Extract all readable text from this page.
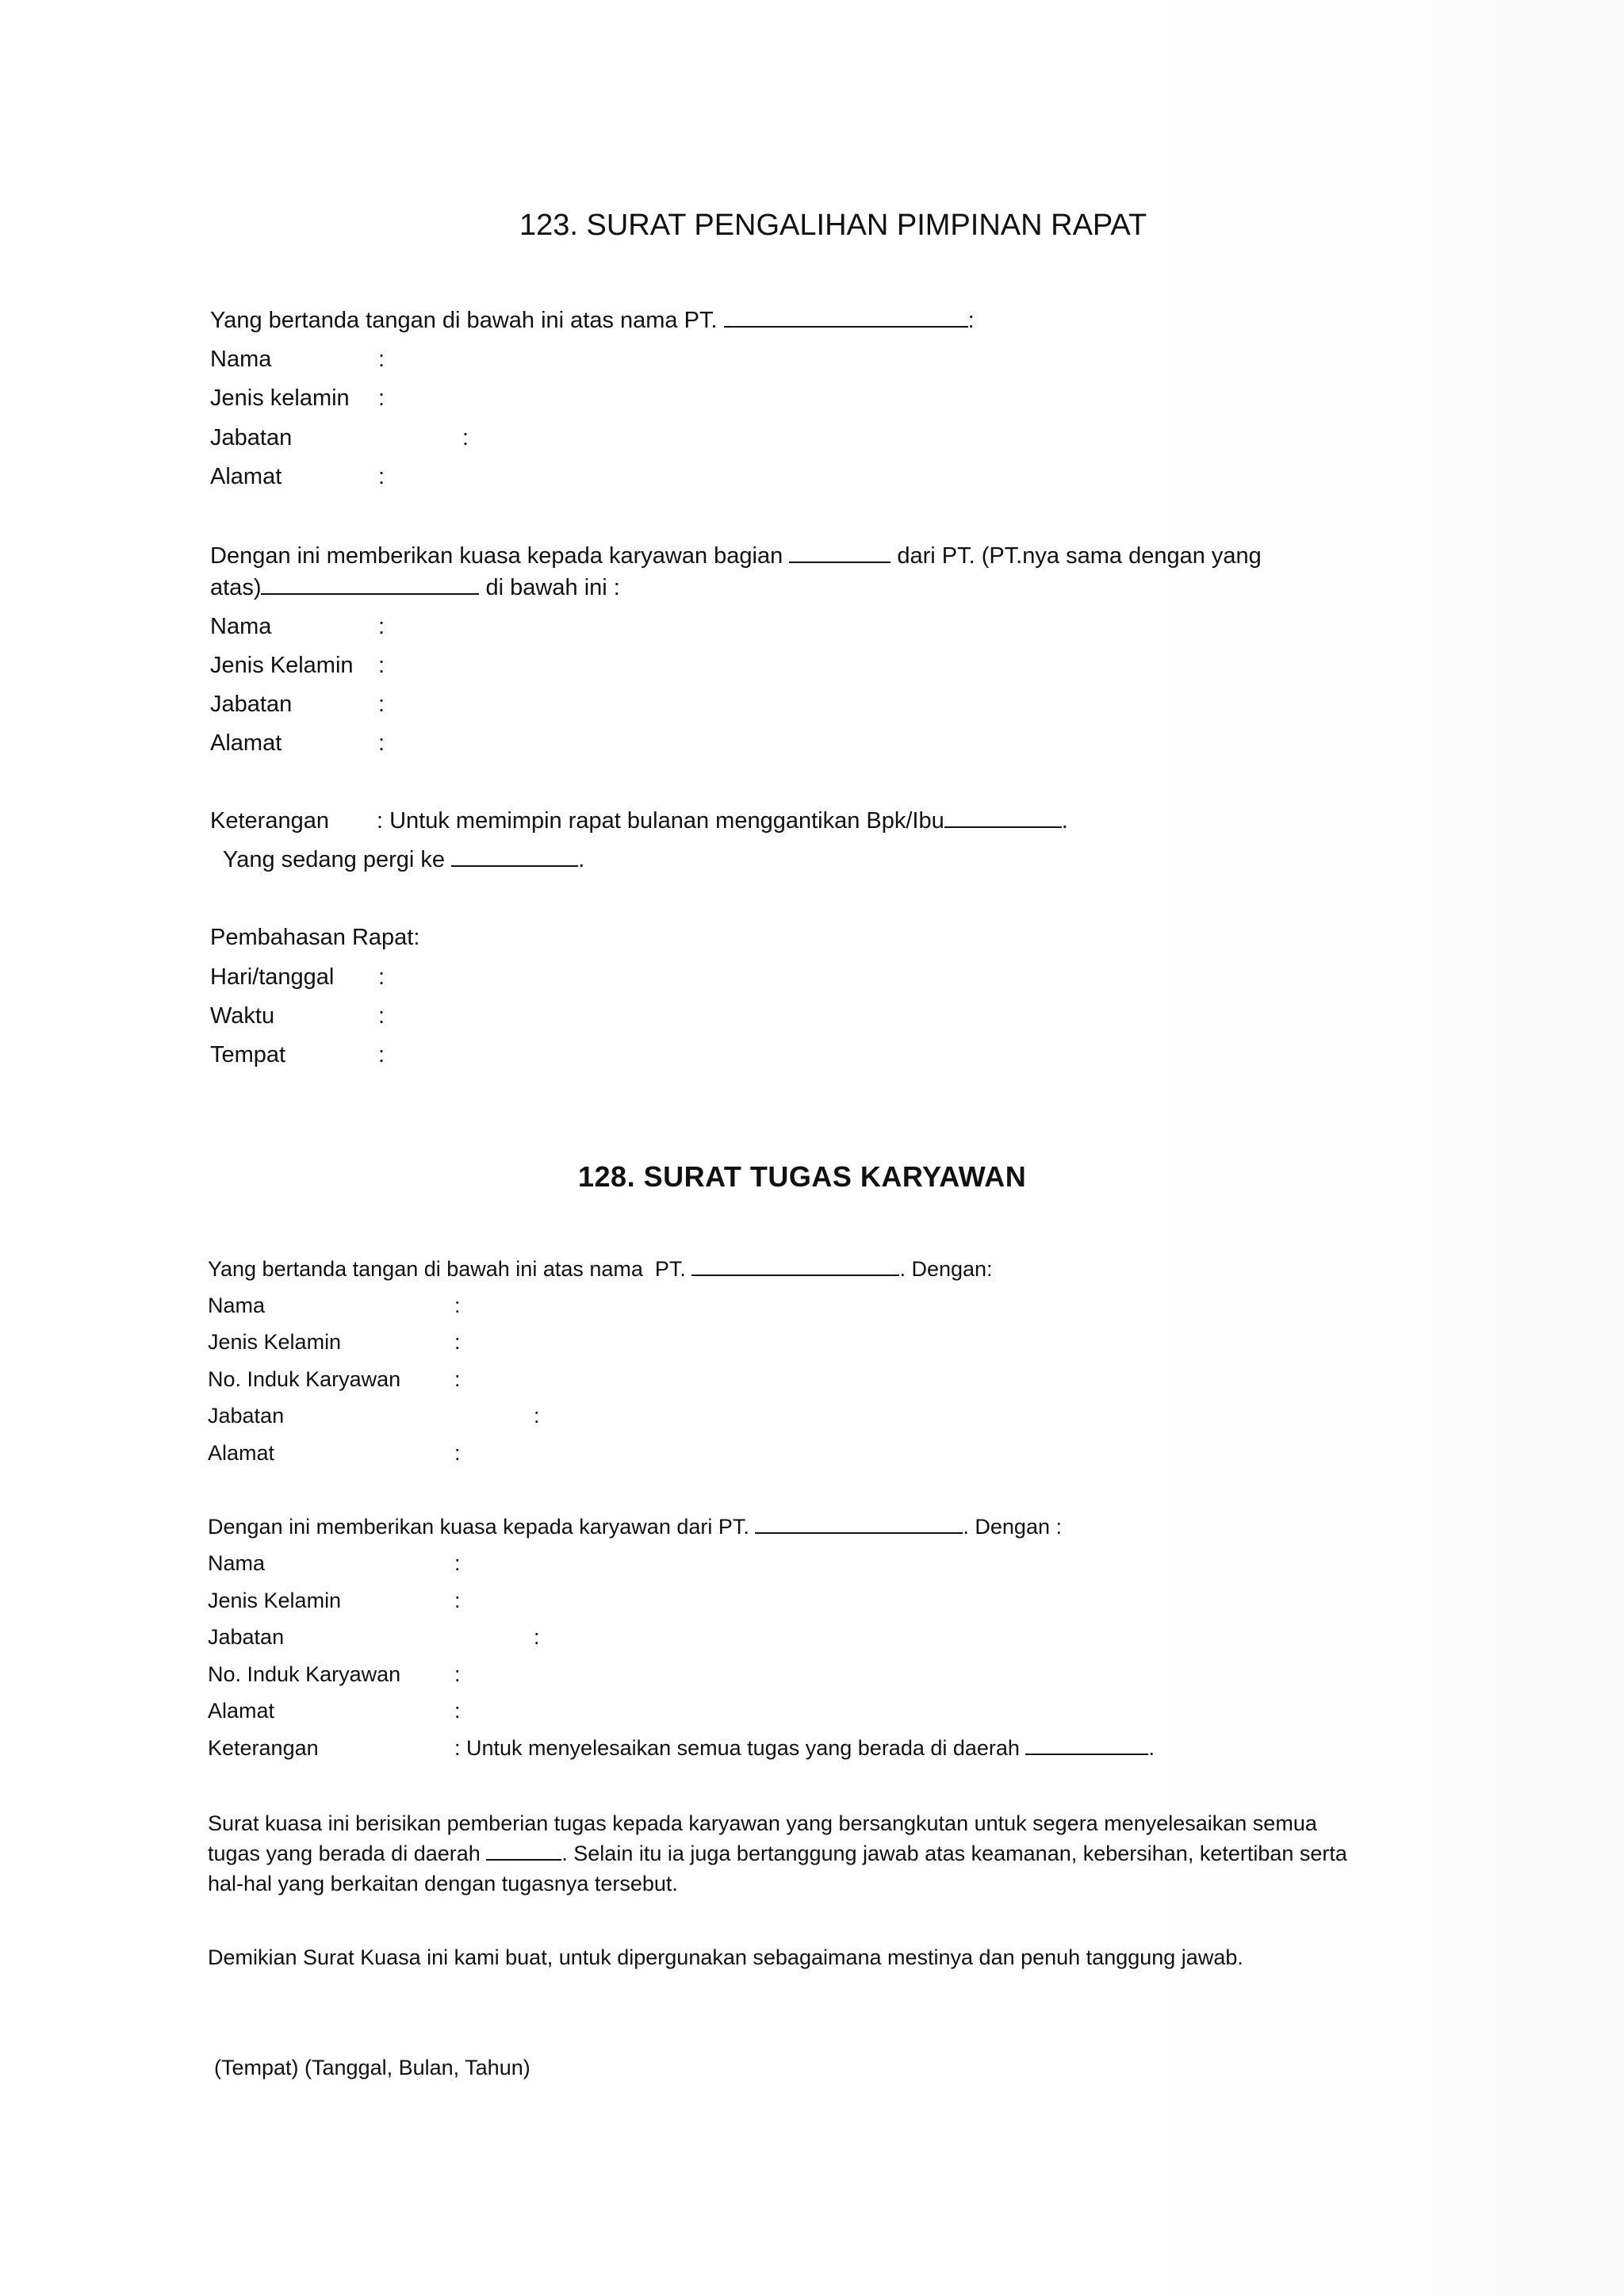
123. SURAT PENGALIHAN PIMPINAN RAPAT
Yang bertanda tangan di bawah ini atas nama PT.	:
Nama	:
Jenis kelamin :
Jabatan	:
Alamat	:
Dengan ini memberikan kuasa kepada karyawan bagian	dari PT. (PT.nya sama dengan yang
atas)	di bawah ini :
Nama	:
Jenis Kelamin :
Jabatan	:
Alamat	:
Keterangan : Untuk memimpin rapat bulanan menggantikan Bpk/Ibu	.
Yang sedang pergi ke	.
Pembahasan Rapat:
Hari/tanggal :
Waktu	:
Tempat	:
128. SURAT TUGAS KARYAWAN
Yang bertanda tangan di bawah ini atas nama  PT.	. Dengan:
Nama	:
Jenis Kelamin	:
No. Induk Karyawan	:
Jabatan	:
Alamat	:
Dengan ini memberikan kuasa kepada karyawan dari PT.	. Dengan :
Nama	:
Jenis Kelamin	:
Jabatan	:
No. Induk Karyawan	:
Alamat	:
Keterangan	: Untuk menyelesaikan semua tugas yang berada di daerah	.
Surat kuasa ini berisikan pemberian tugas kepada karyawan yang bersangkutan untuk segera menyelesaikan semua
tugas yang berada di daerah	. Selain itu ia juga bertanggung jawab atas keamanan, kebersihan, ketertiban serta
hal-hal yang berkaitan dengan tugasnya tersebut.
Demikian Surat Kuasa ini kami buat, untuk dipergunakan sebagaimana mestinya dan penuh tanggung jawab.
(Tempat) (Tanggal, Bulan, Tahun)
